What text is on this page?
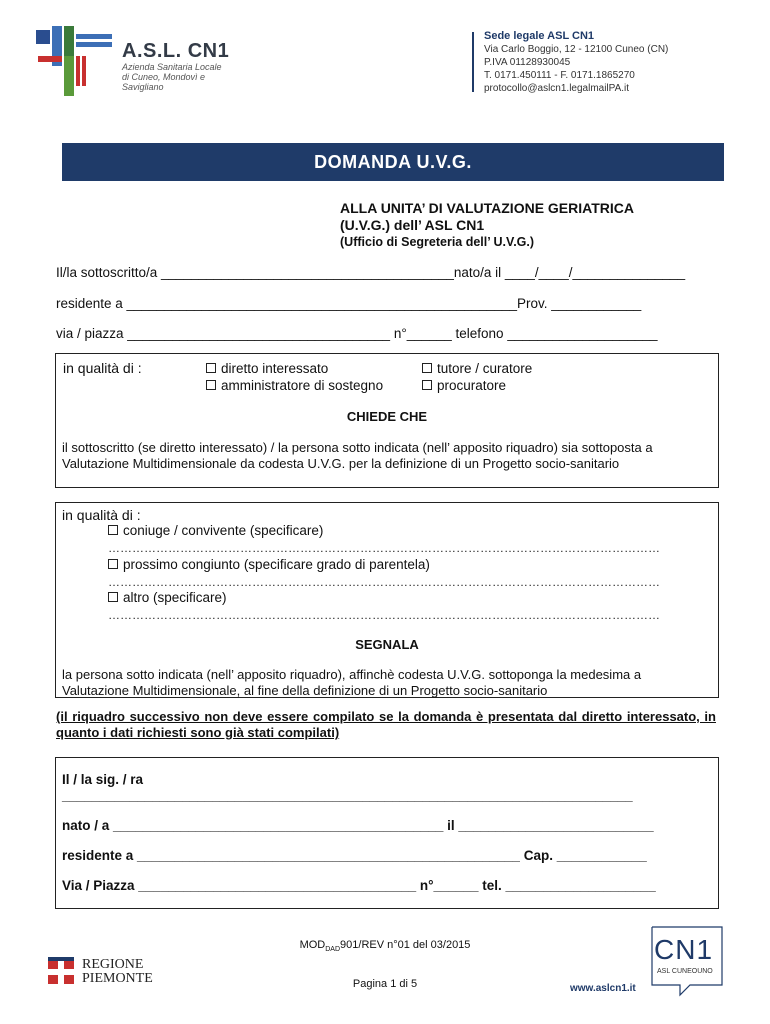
A.S.L. CN1
Azienda Sanitaria Locale
di Cuneo, Mondovì e Savigliano
Sede legale ASL CN1
Via Carlo Boggio, 12 - 12100 Cuneo (CN)
P.IVA 01128930045
T. 0171.450111 - F. 0171.1865270
protocollo@aslcn1.legalmailPA.it
DOMANDA U.V.G.
ALLA UNITA’ DI VALUTAZIONE GERIATRICA
(U.V.G.) dell’ ASL CN1
(Ufficio di Segreteria dell’ U.V.G.)
Il/la sottoscritto/a _______________________________________nato/a il ____/____/_______________
residente a ____________________________________________________Prov. ____________
via / piazza ___________________________________ n°______ telefono ____________________
in qualità di :	diretto interessato	tutore / curatore
amministratore di sostegno	procuratore
CHIEDE CHE
il sottoscritto (se diretto interessato) / la persona sotto indicata (nell’ apposito riquadro) sia sottoposta a
Valutazione Multidimensionale da codesta U.V.G. per la definizione di un Progetto socio-sanitario
in qualità di :
coniuge / convivente (specificare)
…………………………………………………………………………………………………………………………
prossimo congiunto (specificare grado di parentela)
…………………………………………………………………………………………………………………………
altro (specificare)
…………………………………………………………………………………………………………………………
SEGNALA
la persona sotto indicata (nell’ apposito riquadro), affinchè codesta U.V.G. sottoponga la medesima a
Valutazione Multidimensionale, al fine della definizione di un Progetto socio-sanitario
(il riquadro successivo non deve essere compilato se la domanda è presentata dal diretto interessato, in quanto i dati richiesti sono già stati compilati)
Il / la sig. / ra
____________________________________________________________________________
nato / a ____________________________________________ il __________________________
residente a ___________________________________________________ Cap. ____________
Via / Piazza _____________________________________ n°______ tel. ____________________
$MOD_{DAD}901$/REV n°01 del 03/2015
Pagina 1 di 5
REGIONE
PIEMONTE
CN1
ASL CUNEOUNO
www.aslcn1.it
